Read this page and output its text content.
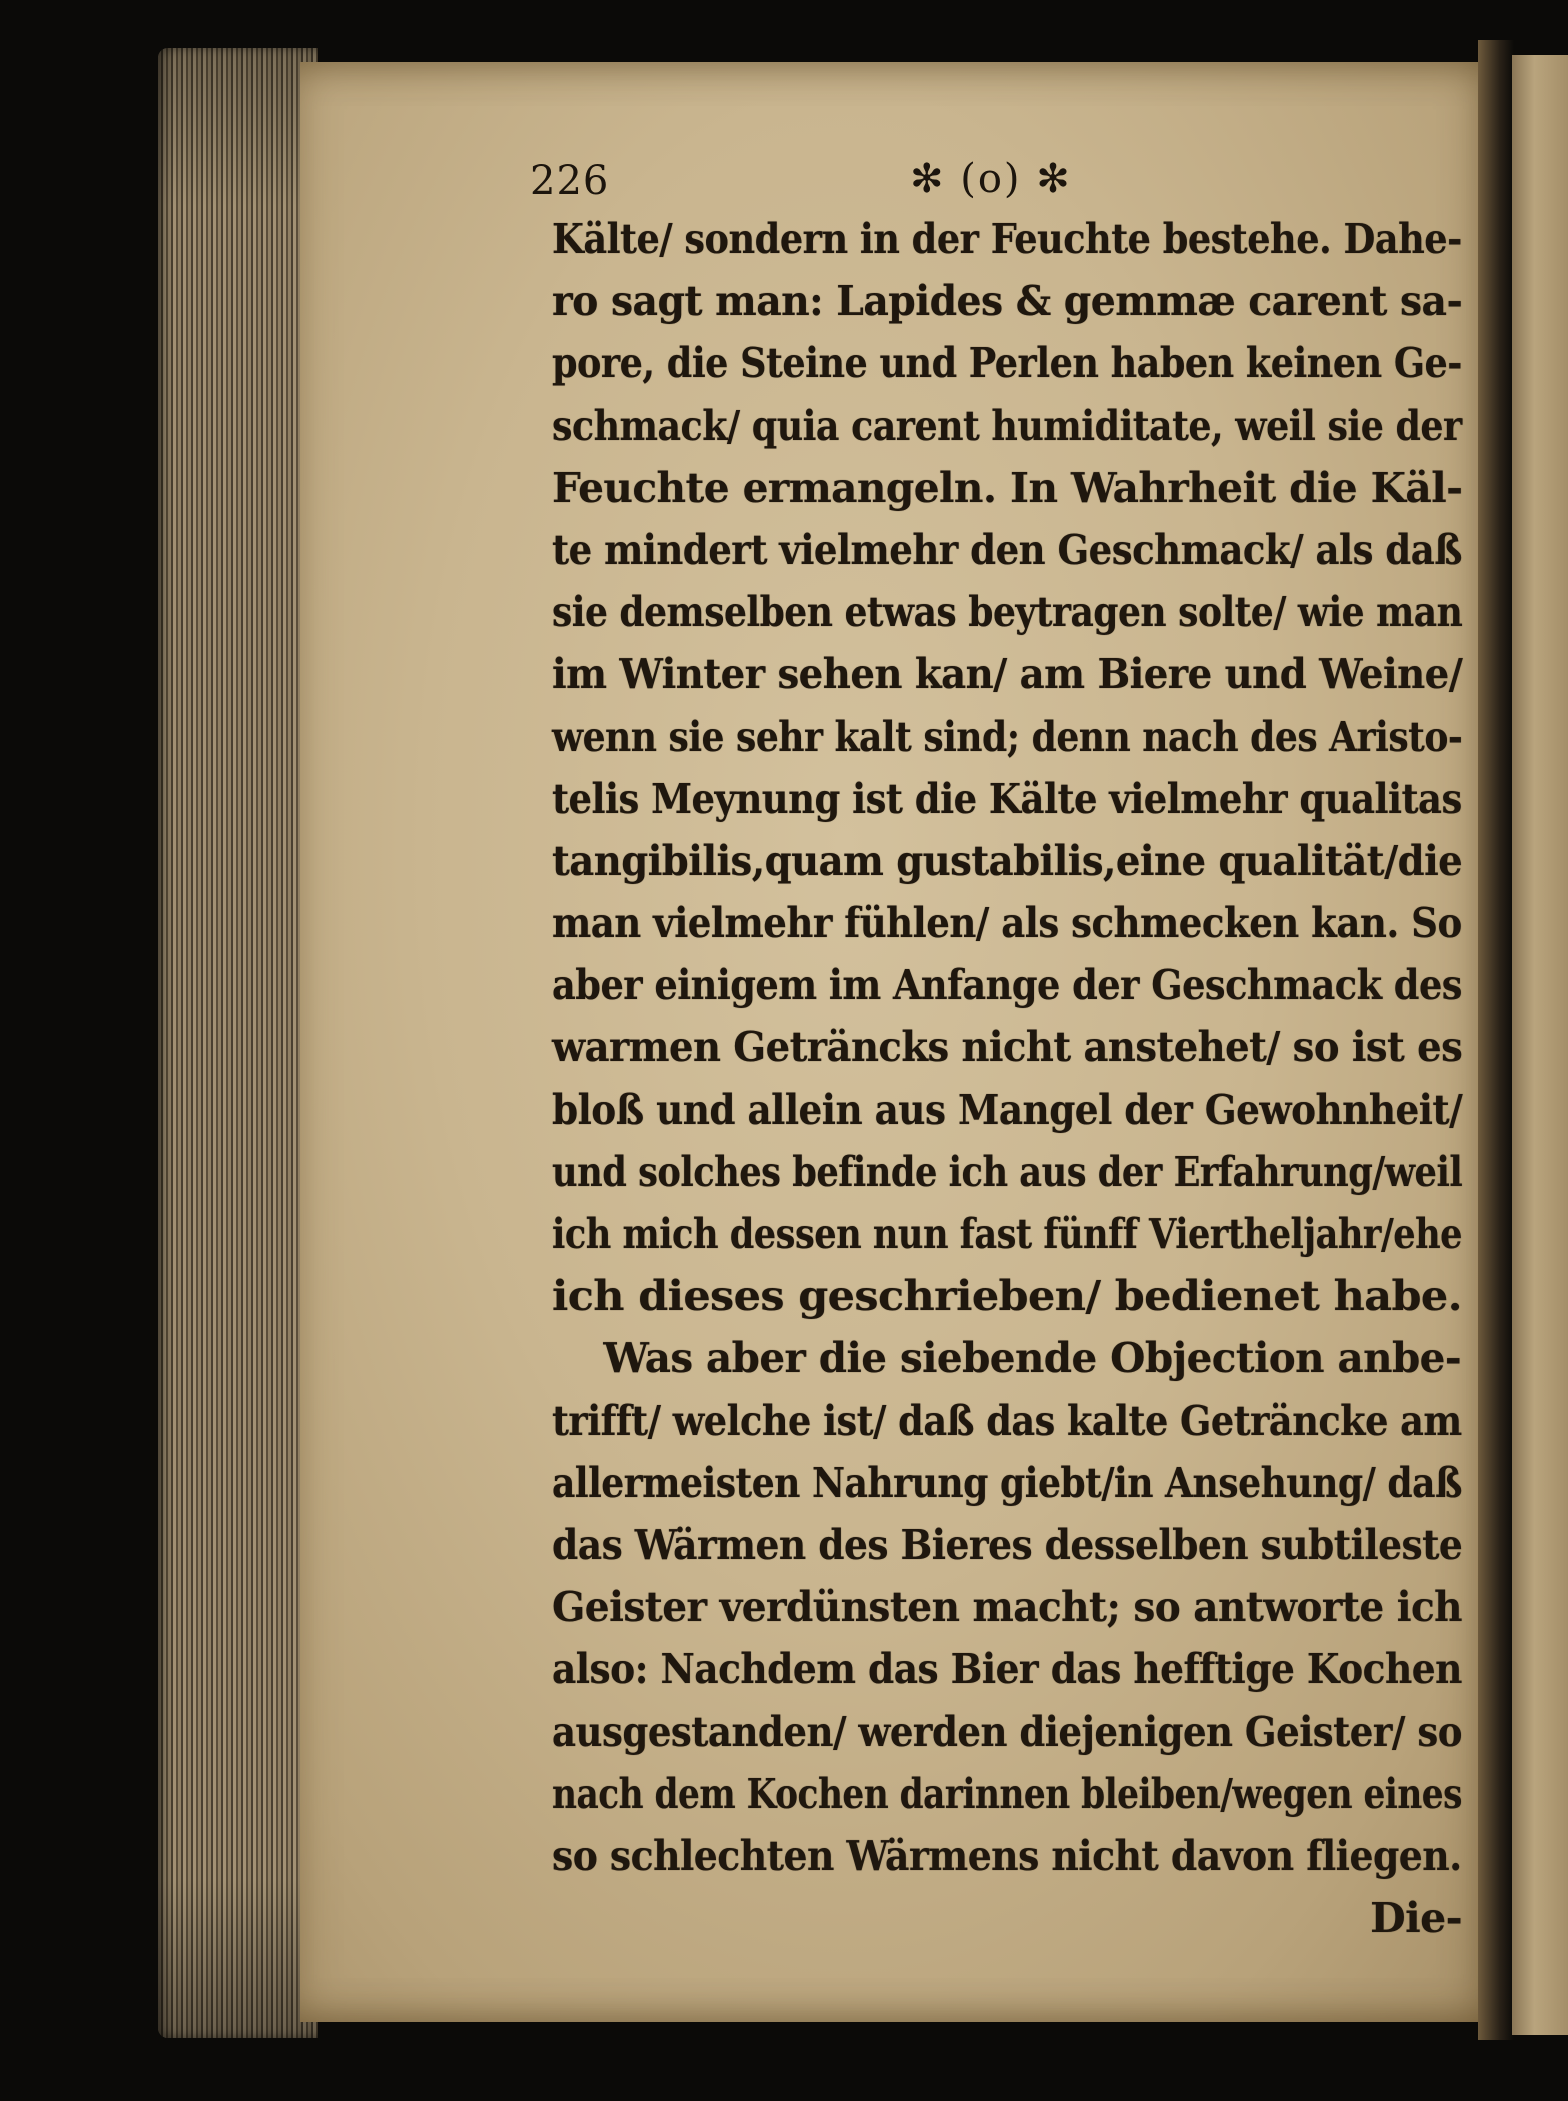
226	✻ (o) ✻
Kälte/ sondern in der Feuchte bestehe. Dahe-
ro sagt man: Lapides & gemmæ carent sa-
pore, die Steine und Perlen haben keinen Ge-
schmack/ quia carent humiditate, weil sie der
Feuchte ermangeln. In Wahrheit die Käl-
te mindert vielmehr den Geschmack/ als daß
sie demselben etwas beytragen solte/ wie man
im Winter sehen kan/ am Biere und Weine/
wenn sie sehr kalt sind; denn nach des Aristo-
telis Meynung ist die Kälte vielmehr qualitas
tangibilis,quam gustabilis,eine qualität/die
man vielmehr fühlen/ als schmecken kan. So
aber einigem im Anfange der Geschmack des
warmen Geträncks nicht anstehet/ so ist es
bloß und allein aus Mangel der Gewohnheit/
und solches befinde ich aus der Erfahrung/weil
ich mich dessen nun fast fünff Viertheljahr/ehe
ich dieses geschrieben/ bedienet habe.
Was aber die siebende Objection anbe-
trifft/ welche ist/ daß das kalte Geträncke am
allermeisten Nahrung giebt/in Ansehung/ daß
das Wärmen des Bieres desselben subtileste
Geister verdünsten macht; so antworte ich
also: Nachdem das Bier das hefftige Kochen
ausgestanden/ werden diejenigen Geister/ so
nach dem Kochen darinnen bleiben/wegen eines
so schlechten Wärmens nicht davon fliegen.
Die-
